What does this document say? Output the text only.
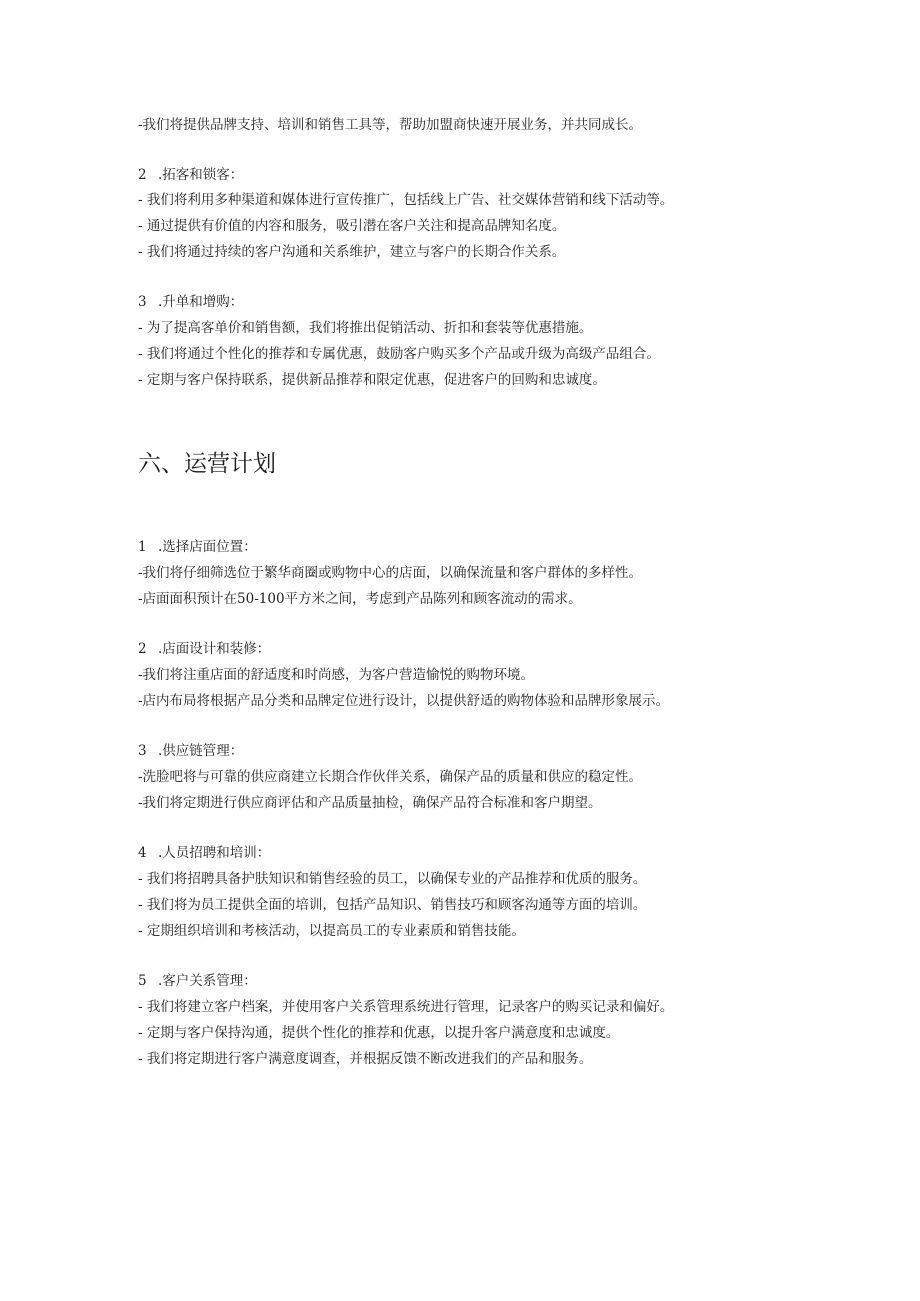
-我们将提供品牌支持、培训和销售工具等，帮助加盟商快速开展业务，并共同成长。
2 .拓客和锁客：
- 我们将利用多种渠道和媒体进行宣传推广，包括线上广告、社交媒体营销和线下活动等。
- 通过提供有价值的内容和服务，吸引潜在客户关注和提高品牌知名度。
- 我们将通过持续的客户沟通和关系维护，建立与客户的长期合作关系。
3 .升单和增购：
- 为了提高客单价和销售额，我们将推出促销活动、折扣和套装等优惠措施。
- 我们将通过个性化的推荐和专属优惠，鼓励客户购买多个产品或升级为高级产品组合。
- 定期与客户保持联系，提供新品推荐和限定优惠，促进客户的回购和忠诚度。
六、运营计划
1 .选择店面位置：
-我们将仔细筛选位于繁华商圈或购物中心的店面，以确保流量和客户群体的多样性。
-店面面积预计在50-100平方米之间，考虑到产品陈列和顾客流动的需求。
2 .店面设计和装修：
-我们将注重店面的舒适度和时尚感，为客户营造愉悦的购物环境。
-店内布局将根据产品分类和品牌定位进行设计，以提供舒适的购物体验和品牌形象展示。
3 .供应链管理：
-洗脸吧将与可靠的供应商建立长期合作伙伴关系，确保产品的质量和供应的稳定性。
-我们将定期进行供应商评估和产品质量抽检，确保产品符合标准和客户期望。
4 .人员招聘和培训：
- 我们将招聘具备护肤知识和销售经验的员工，以确保专业的产品推荐和优质的服务。
- 我们将为员工提供全面的培训，包括产品知识、销售技巧和顾客沟通等方面的培训。
- 定期组织培训和考核活动，以提高员工的专业素质和销售技能。
5 .客户关系管理：
- 我们将建立客户档案，并使用客户关系管理系统进行管理，记录客户的购买记录和偏好。
- 定期与客户保持沟通，提供个性化的推荐和优惠，以提升客户满意度和忠诚度。
- 我们将定期进行客户满意度调查，并根据反馈不断改进我们的产品和服务。
